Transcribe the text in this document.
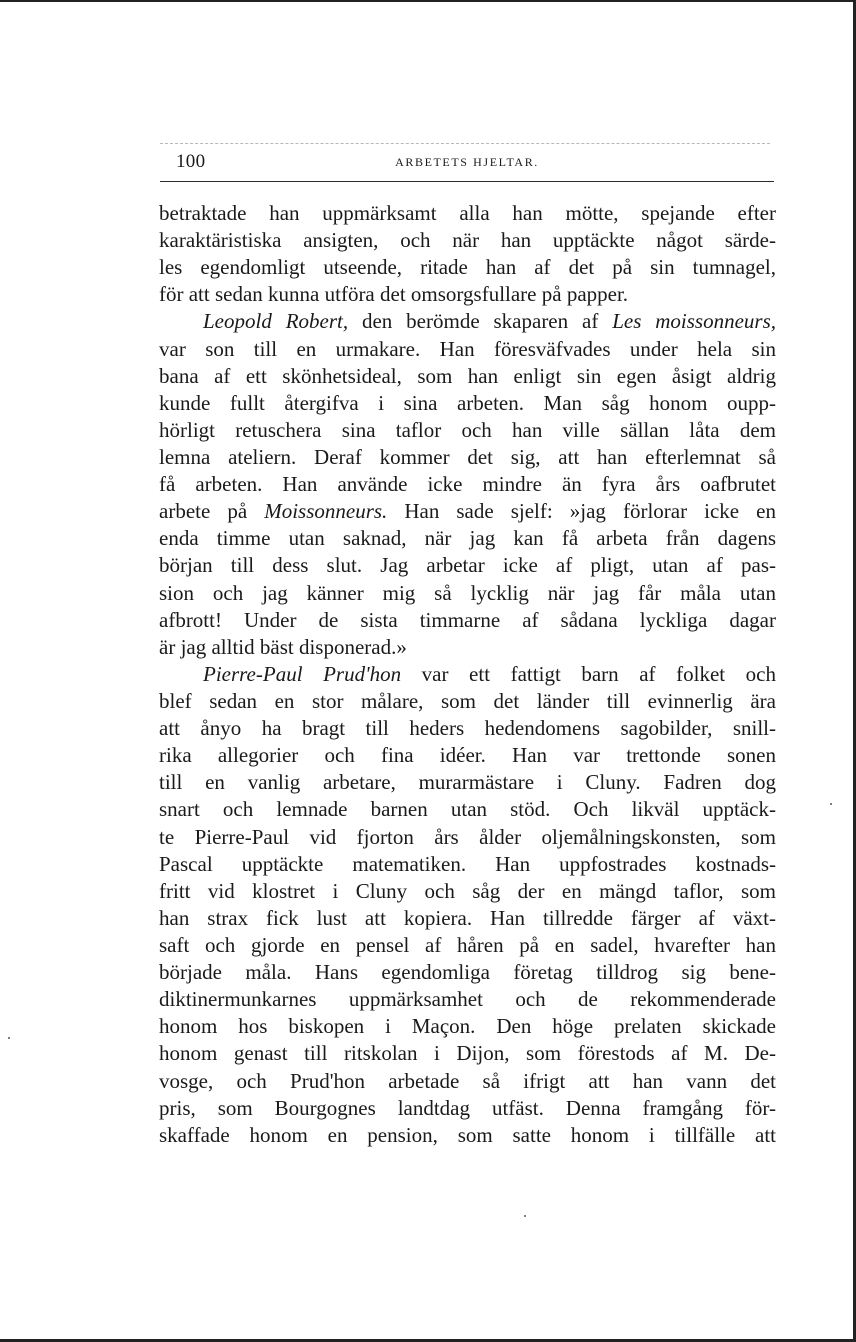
100	ARBETETS HJELTAR.
betraktade han uppmärksamt alla han mötte, spejande efter
karaktäristiska ansigten, och när han upptäckte något särde-
les egendomligt utseende, ritade han af det på sin tumnagel,
för att sedan kunna utföra det omsorgsfullare på papper.
Leopold Robert, den berömde skaparen af Les moissonneurs,
var son till en urmakare. Han föresväfvades under hela sin
bana af ett skönhetsideal, som han enligt sin egen åsigt aldrig
kunde fullt återgifva i sina arbeten. Man såg honom oupp-
hörligt retuschera sina taflor och han ville sällan låta dem
lemna ateliern. Deraf kommer det sig, att han efterlemnat så
få arbeten. Han använde icke mindre än fyra års oafbrutet
arbete på Moissonneurs. Han sade sjelf: »jag förlorar icke en
enda timme utan saknad, när jag kan få arbeta från dagens
början till dess slut. Jag arbetar icke af pligt, utan af pas-
sion och jag känner mig så lycklig när jag får måla utan
afbrott! Under de sista timmarne af sådana lyckliga dagar
är jag alltid bäst disponerad.»
Pierre-Paul Prud'hon var ett fattigt barn af folket och
blef sedan en stor målare, som det länder till evinnerlig ära
att ånyo ha bragt till heders hedendomens sagobilder, snill-
rika allegorier och fina idéer. Han var trettonde sonen
till en vanlig arbetare, murarmästare i Cluny. Fadren dog
snart och lemnade barnen utan stöd. Och likväl upptäck-
te Pierre-Paul vid fjorton års ålder oljemålningskonsten, som
Pascal upptäckte matematiken. Han uppfostrades kostnads-
fritt vid klostret i Cluny och såg der en mängd taflor, som
han strax fick lust att kopiera. Han tillredde färger af växt-
saft och gjorde en pensel af håren på en sadel, hvarefter han
började måla. Hans egendomliga företag tilldrog sig bene-
diktinermunkarnes uppmärksamhet och de rekommenderade
honom hos biskopen i Maçon. Den höge prelaten skickade
honom genast till ritskolan i Dijon, som förestods af M. De-
vosge, och Prud'hon arbetade så ifrigt att han vann det
pris, som Bourgognes landtdag utfäst. Denna framgång för-
skaffade honom en pension, som satte honom i tillfälle att
